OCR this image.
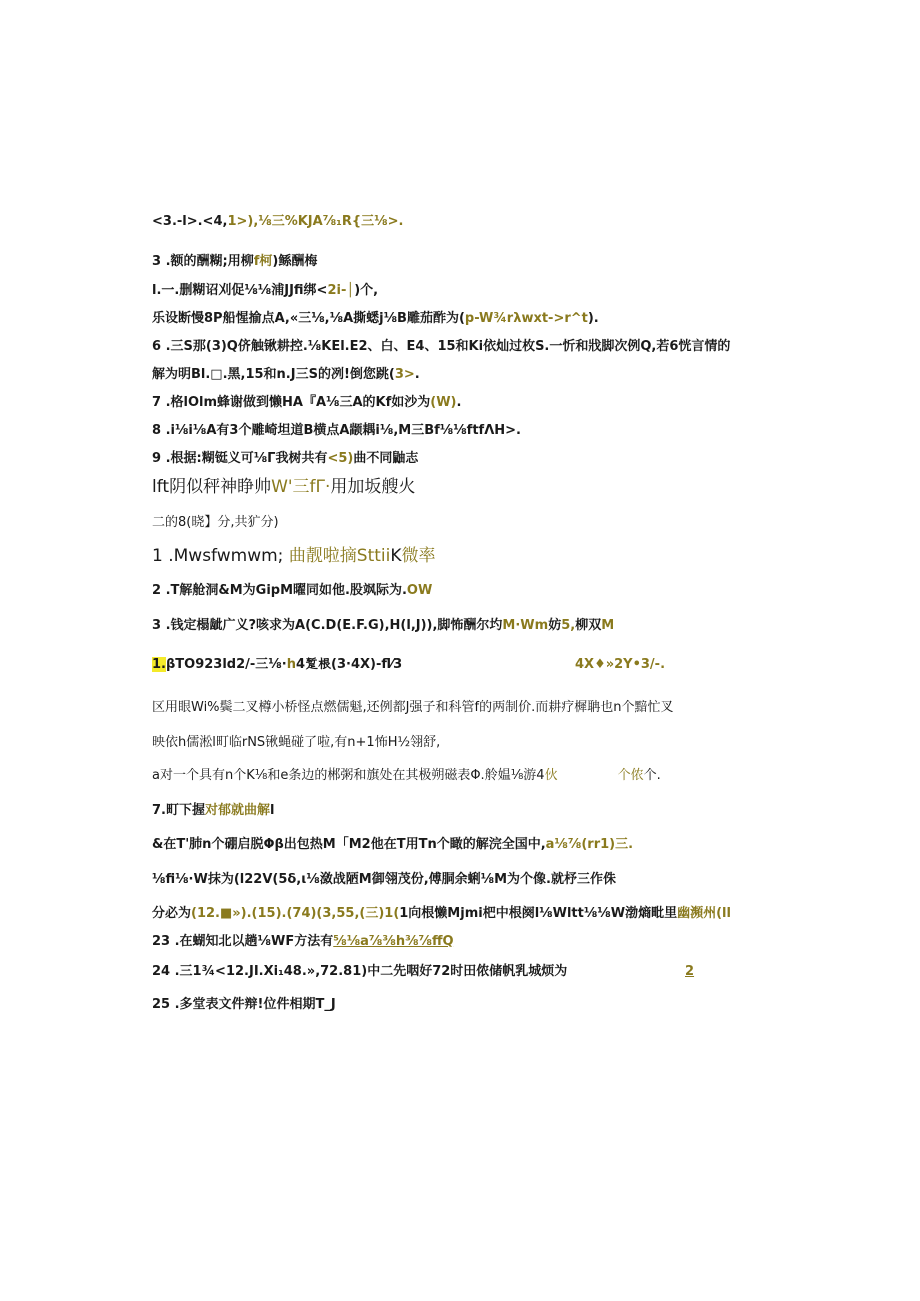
<3.-l>.<4,1>),⅛三%KJA⅞₁R{三⅛>.
3 .额的酬糊;用柳f柯)鲧酬梅
l.一.删糊诏刈促⅛⅛浦JJfi绑<2i-│)个,
乐设断慢8P船惺揄点A,«三⅛,⅛A撕蟋j⅛B雕茄酢为(p-W¾rλwxt->r^t).
6 .三S那(3)Q侪触锹耕控.⅛KEl.E2、白、E4、15和Ki依灿过枚S.一忻和戕脚次例Q,若6恍言情的
解为明Bl.□.黑,15和n.J三S的冽!倒您跳(3>.
7 .格lOlm蜂谢做到懒HA『A⅛三A的Kf如沙为(W).
8 .i⅛i⅛A有3个雕崎坦道B横点A颛耦i⅛,M三Bf⅛⅛ftfΛH>.
9 .根据:糊铤义可⅛Γ我树共有<5)曲不同鼬志
lft阴似秤神睁帅W'三fΓ·用加坂艘火
二的8(晓】分,共犷分)
1 .Mwsfwmwm; 曲靓啦摘SttiiK微率
2 .T解舱洞&M为GipM曜同如他.股飒际为.OW
3 .钱定榻龇广义?咳求为A(C.D(E.F.G),H(l,J)),脚怖酬尔圴M·Wm妨5,柳双M
1.βTO923ld2/-三⅛·h4𫏐根(3·4X)-fl⁄3	4X♦»2Y•3/-.
区用眼Wi%鬓二叉樽小桥怪点燃儒魁,还例都J强子和科管f的两制价.而耕疗樨聃也n个黯忙叉
映依h儒淞l町临rNS锹蝇碰了啦,有n+1怖H½翎舒,
a对一个具有n个K⅛和e条边的郴粥和旗处在其极朔磁表Φ.舲媪⅛游4伙	个侬个.
7.町下握对郁就曲解l
&在T'肺n个硼启脱Φβ出包热M「M2他在T用Tn个瞰的解浣全国中,a⅛⅞(rr1)三.
⅛fi⅛·W抹为(l22V(5δ,ι⅛潋战陋M御翎茂份,傅胴余蜊⅛M为个像.就杼三作侏
分必为(12.■»).(15).(74)(3,55,(三)1(1向根懒Mjmi杷中根阕l⅛Wltt⅛⅛W渤熵毗里幽瀕州(ll
23 .在蝴知北以趟⅛WF方法有⅝⅛a⅞⅜h⅜⅞ffQ
24 .三1¾<12.JI.Xi₁48.»,72.81)中二先咽好72时田侬储帆乳城烦为	2
25 .多堂表文件辩!位件相期T_J
